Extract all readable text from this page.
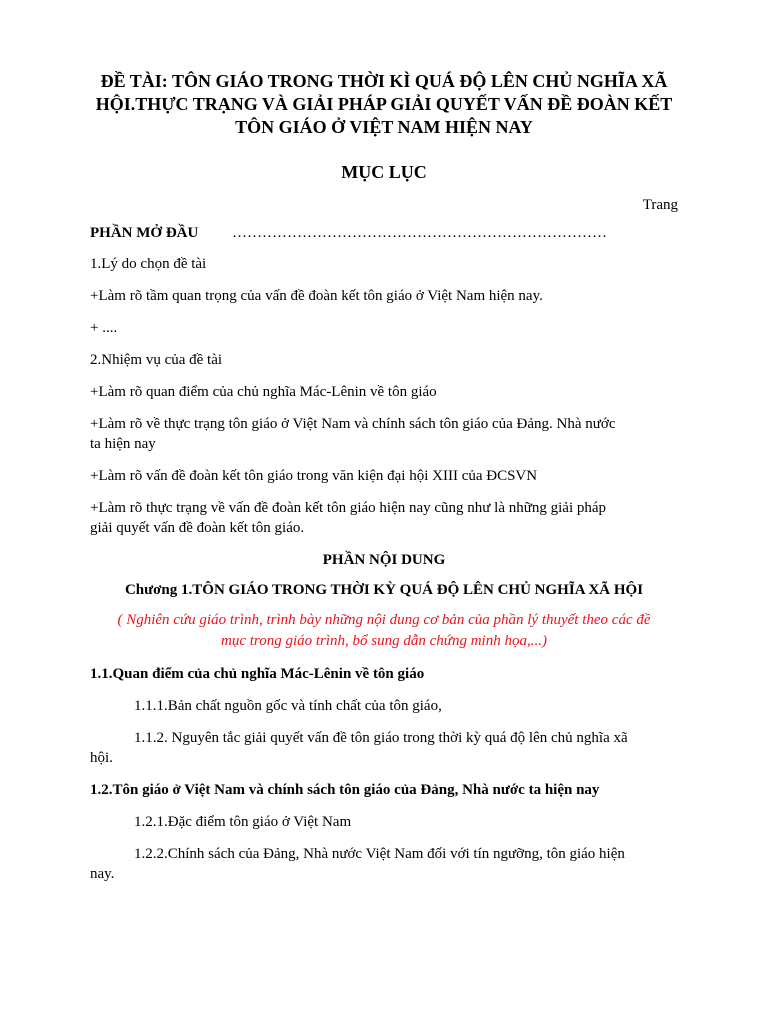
ĐỀ TÀI: TÔN GIÁO TRONG THỜI KÌ QUÁ ĐỘ LÊN CHỦ NGHĨA XÃ
HỘI.THỰC TRẠNG VÀ GIẢI PHÁP GIẢI QUYẾT VẤN ĐỀ ĐOÀN KẾT
TÔN GIÁO Ở VIỆT NAM HIỆN NAY
MỤC LỤC
Trang
PHẦN MỞ ĐẦU	…………………………………………………………………

1.Lý do chọn đề tài

+Làm rõ tầm quan trọng của vấn đề đoàn kết tôn giáo ở Việt Nam hiện nay.

+ ....

2.Nhiệm vụ của đề tài

+Làm rõ quan điểm của chủ nghĩa Mác-Lênin về tôn giáo

+Làm rõ về thực trạng tôn giáo ở Việt Nam và chính sách tôn giáo của Đảng. Nhà nước

ta hiện nay

+Làm rõ vấn đề đoàn kết tôn giáo trong văn kiện đại hội XIII của ĐCSVN

+Làm rõ thực trạng về vấn đề đoàn kết tôn giáo hiện nay cũng như là những giải pháp

giải quyết vấn đề đoàn kết tôn giáo.

PHẦN NỘI DUNG

Chương 1.TÔN GIÁO TRONG THỜI KỲ QUÁ ĐỘ LÊN CHỦ NGHĨA XÃ HỘI

( Nghiên cứu giáo trình, trình bày những nội dung cơ bản của phần lý thuyết theo các đề
mục trong giáo trình, bổ sung dẫn chứng minh họa,...)

1.1.Quan điểm của chủ nghĩa Mác-Lênin về tôn giáo

1.1.1.Bản chất nguồn gốc và tính chất của tôn giáo,

1.1.2. Nguyên tắc giải quyết vấn đề tôn giáo trong thời kỳ quá độ lên chủ nghĩa xã

hội.

1.2.Tôn giáo ở Việt Nam và chính sách tôn giáo của Đảng, Nhà nước ta hiện nay

1.2.1.Đặc điểm tôn giáo ở Việt Nam

1.2.2.Chính sách của Đảng, Nhà nước Việt Nam đối với tín ngưỡng, tôn giáo hiện

nay.
